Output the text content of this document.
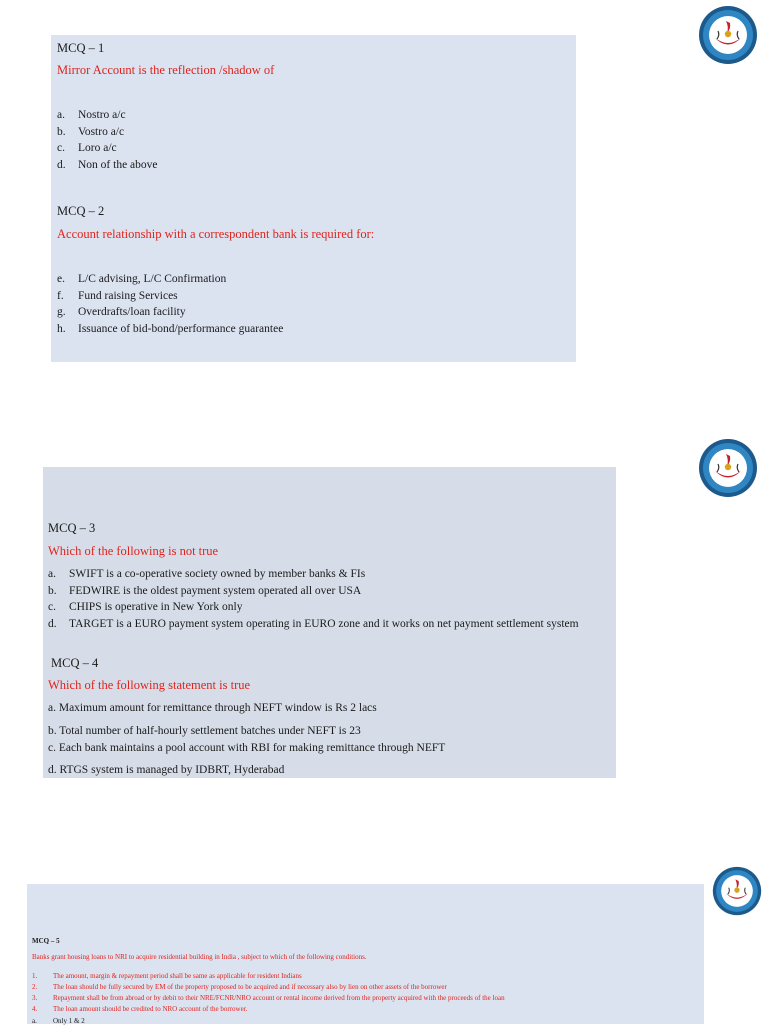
MCQ – 1
Mirror Account is the reflection /shadow of
a. Nostro a/c
b. Vostro a/c
c. Loro a/c
d. Non of the above
MCQ – 2
Account relationship with a correspondent bank is required for:
e. L/C advising, L/C Confirmation
f. Fund raising Services
g. Overdrafts/loan facility
h. Issuance of bid-bond/performance guarantee
MCQ – 3
Which of the following is not true
a. SWIFT is a co-operative society owned by member banks & FIs
b. FEDWIRE is the oldest payment system operated all over USA
c. CHIPS is operative in New York only
d. TARGET is a EURO payment system operating in EURO zone and it works on net payment settlement system
MCQ – 4
Which of the following statement is true
a. Maximum amount for remittance through NEFT window is Rs 2 lacs
b. Total number of half-hourly settlement batches under NEFT is 23
c. Each bank maintains a pool account with RBI for making remittance through NEFT
d. RTGS system is managed by IDBRT, Hyderabad
MCQ – 5
Banks grant housing loans to NRI to acquire residential building in India , subject to which of the following conditions.
1. The amount, margin & repayment period shall be same as applicable for resident Indians
2. The loan should be fully secured by EM of the property proposed to be acquired and if necessary also by lien on other assets of the borrower
3. Repayment shall be from abroad or by debit to their NRE/FCNR/NRO account or rental income derived from the property acquired with the proceeds of the loan
4. The loan amount should be credited to NRO account of the borrower.
a. Only 1 & 2
